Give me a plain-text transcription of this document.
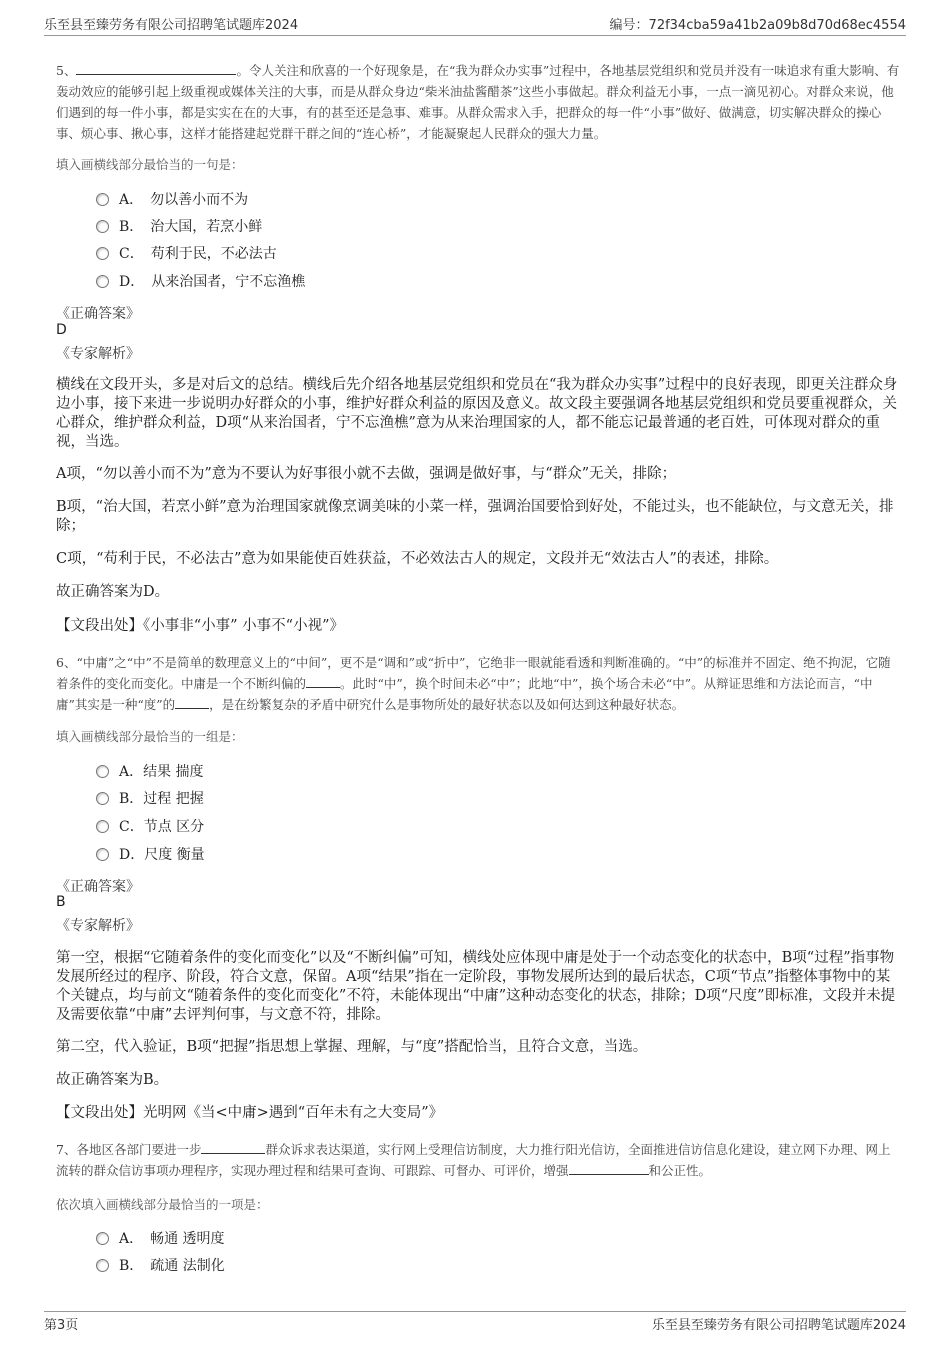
乐至县至臻劳务有限公司招聘笔试题库2024	编号：72f34cba59a41b2a09b8d70d68ec4554
5、	。令人关注和欣喜的一个好现象是，在“我为群众办实事”过程中，各地基层党组织和党员并没有一味追求有重大影响、有轰动效应的能够引起上级重视或媒体关注的大事，而是从群众身边“柴米油盐酱醋茶”这些小事做起。群众利益无小事，一点一滴见初心。对群众来说，他们遇到的每一件小事，都是实实在在的大事，有的甚至还是急事、难事。从群众需求入手，把群众的每一件“小事”做好、做满意，切实解决群众的操心事、烦心事、揪心事，这样才能搭建起党群干群之间的“连心桥”，才能凝聚起人民群众的强大力量。
填入画横线部分最恰当的一句是：
A．　勿以善小而不为
B．　治大国，若烹小鲜
C．　苟利于民，不必法古
D．　从来治国者，宁不忘渔樵
《正确答案》
D
《专家解析》
横线在文段开头，多是对后文的总结。横线后先介绍各地基层党组织和党员在“我为群众办实事”过程中的良好表现，即更关注群众身边小事，接下来进一步说明办好群众的小事，维护好群众利益的原因及意义。故文段主要强调各地基层党组织和党员要重视群众，关心群众，维护群众利益，D项“从来治国者，宁不忘渔樵”意为从来治理国家的人，都不能忘记最普通的老百姓，可体现对群众的重视，当选。
A项，“勿以善小而不为”意为不要认为好事很小就不去做，强调是做好事，与“群众”无关，排除；
B项，“治大国，若烹小鲜”意为治理国家就像烹调美味的小菜一样，强调治国要恰到好处，不能过头，也不能缺位，与文意无关，排除；
C项，“苟利于民，不必法古”意为如果能使百姓获益，不必效法古人的规定，文段并无“效法古人”的表述，排除。
故正确答案为D。
【文段出处】《小事非“小事” 小事不“小视”》
6、“中庸”之“中”不是简单的数理意义上的“中间”，更不是“调和”或“折中”，它绝非一眼就能看透和判断准确的。“中”的标准并不固定、绝不拘泥，它随着条件的变化而变化。中庸是一个不断纠偏的	。此时“中”，换个时间未必“中”；此地“中”，换个场合未必“中”。从辩证思维和方法论而言，“中庸”其实是一种“度”的	，是在纷繁复杂的矛盾中研究什么是事物所处的最好状态以及如何达到这种最好状态。
填入画横线部分最恰当的一组是：
A．结果 揣度
B．过程 把握
C．节点 区分
D．尺度 衡量
《正确答案》
B
《专家解析》
第一空，根据“它随着条件的变化而变化”以及“不断纠偏”可知，横线处应体现中庸是处于一个动态变化的状态中，B项“过程”指事物发展所经过的程序、阶段，符合文意，保留。A项“结果”指在一定阶段，事物发展所达到的最后状态，C项“节点”指整体事物中的某个关键点，均与前文“随着条件的变化而变化”不符，未能体现出“中庸”这种动态变化的状态，排除；D项“尺度”即标准，文段并未提及需要依靠“中庸”去评判何事，与文意不符，排除。
第二空，代入验证，B项“把握”指思想上掌握、理解，与“度”搭配恰当，且符合文意，当选。
故正确答案为B。
【文段出处】光明网《当<中庸>遇到“百年未有之大变局”》
7、各地区各部门要进一步	群众诉求表达渠道，实行网上受理信访制度，大力推行阳光信访，全面推进信访信息化建设，建立网下办理、网上流转的群众信访事项办理程序，实现办理过程和结果可查询、可跟踪、可督办、可评价，增强	和公正性。
依次填入画横线部分最恰当的一项是：
A．　畅通 透明度
B．　疏通 法制化
第3页	乐至县至臻劳务有限公司招聘笔试题库2024
